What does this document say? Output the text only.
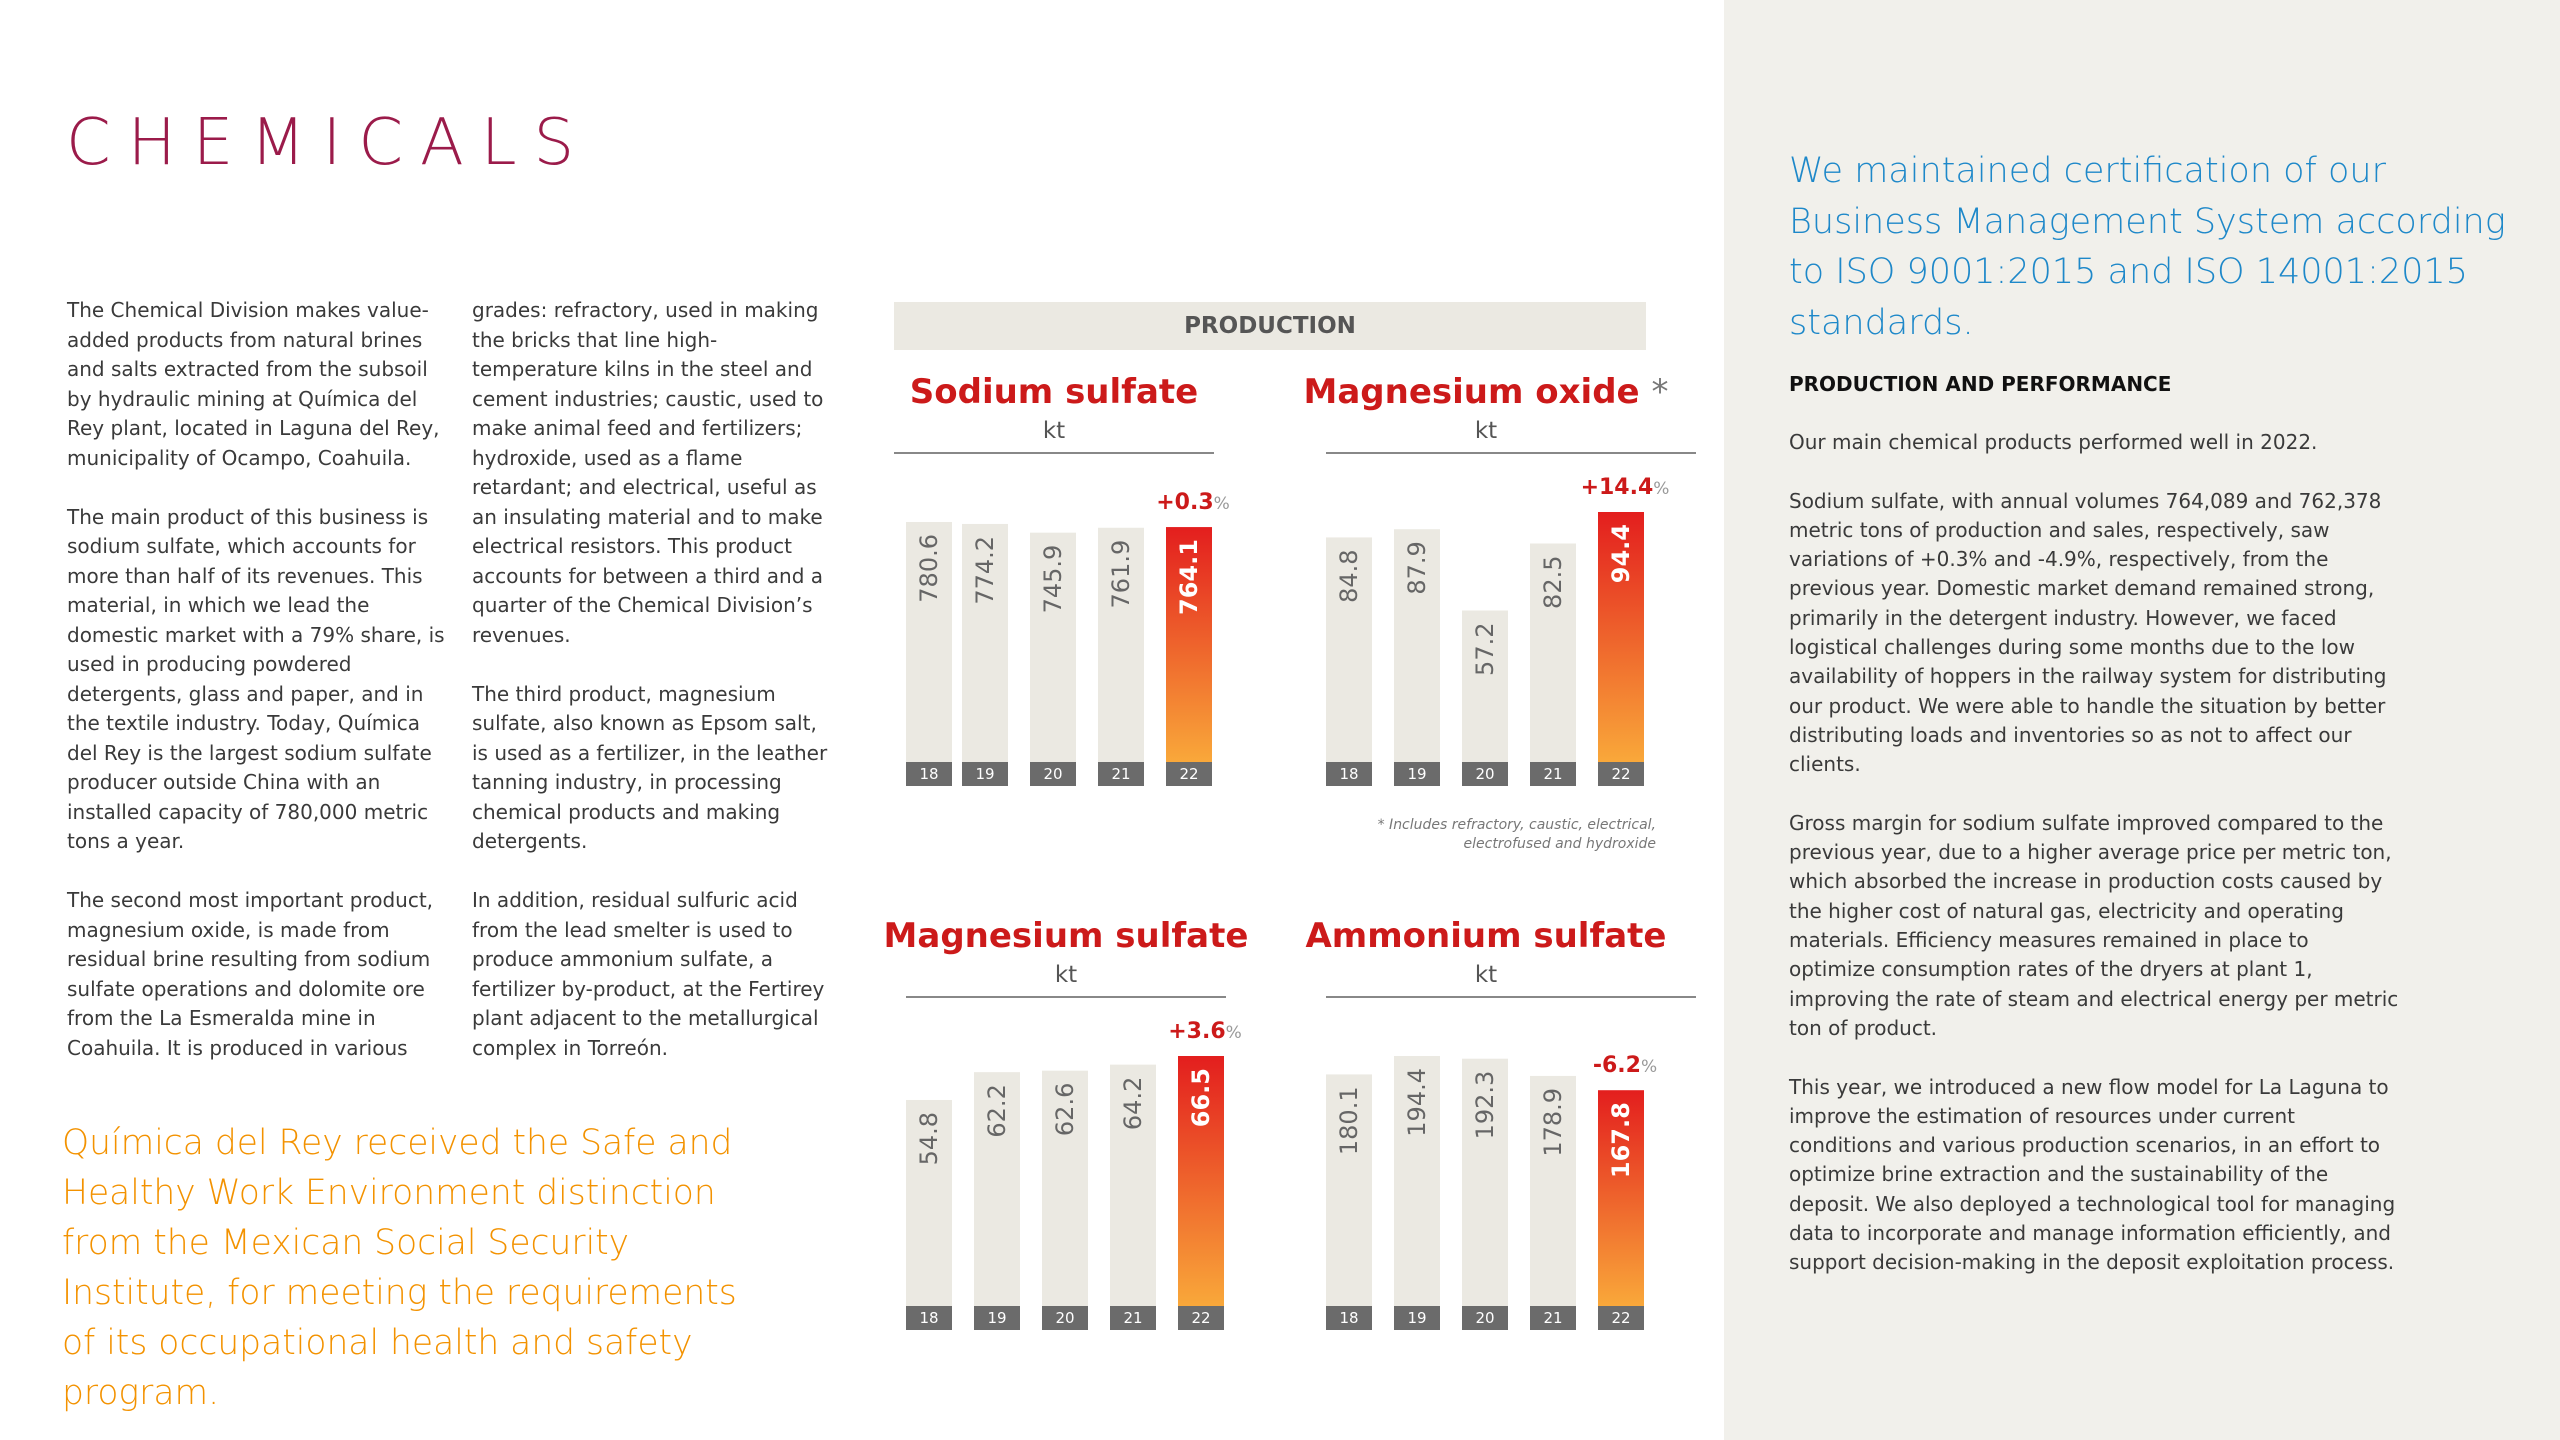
CHEMICALS

The Chemical Division makes value-added products from natural brines and salts extracted from the subsoil by hydraulic mining at Química del Rey plant, located in Laguna del Rey, municipality of Ocampo, Coahuila.

The main product of this business is sodium sulfate, which accounts for more than half of its revenues. This material, in which we lead the domestic market with a 79% share, is used in producing powdered detergents, glass and paper, and in the textile industry. Today, Química del Rey is the largest sodium sulfate producer outside China with an installed capacity of 780,000 metric tons a year.

The second most important product, magnesium oxide, is made from residual brine resulting from sodium sulfate operations and dolomite ore from the La Esmeralda mine in Coahuila. It is produced in various

grades: refractory, used in making the bricks that line high-temperature kilns in the steel and cement industries; caustic, used to make animal feed and fertilizers; hydroxide, used as a flame retardant; and electrical, useful as an insulating material and to make electrical resistors. This product accounts for between a third and a quarter of the Chemical Division’s revenues.

The third product, magnesium sulfate, also known as Epsom salt, is used as a fertilizer, in the leather tanning industry, in processing chemical products and making detergents.

In addition, residual sulfuric acid from the lead smelter is used to produce ammonium sulfate, a fertilizer by-product, at the Fertirey plant adjacent to the metallurgical complex in Torreón.

Química del Rey received the Safe and Healthy Work Environment distinction from the Mexican Social Security Institute, for meeting the requirements of its occupational health and safety program.
PRODUCTION
18
780.6
19
774.2
20
745.9
21
761.9
22
764.1
+0.3%
Sodium sulfate
kt
18
84.8
19
87.9
20
57.2
21
82.5
22
94.4
+14.4%
Magnesium oxide *
kt
* Includes refractory, caustic, electrical, electrofused and hydroxide
18
54.8
19
62.2
20
62.6
21
64.2
22
66.5
+3.6%
Magnesium sulfate
kt
18
180.1
19
194.4
20
192.3
21
178.9
22
167.8
-6.2%
Ammonium sulfate
kt
We maintained certification of our Business Management System according to ISO 9001:2015 and ISO 14001:2015 standards.
PRODUCTION AND PERFORMANCE

Our main chemical products performed well in 2022.

Sodium sulfate, with annual volumes 764,089 and 762,378 metric tons of production and sales, respectively, saw variations of +0.3% and -4.9%, respectively, from the previous year. Domestic market demand remained strong, primarily in the detergent industry. However, we faced logistical challenges during some months due to the low availability of hoppers in the railway system for distributing our product. We were able to handle the situation by better distributing loads and inventories so as not to affect our clients.

Gross margin for sodium sulfate improved compared to the previous year, due to a higher average price per metric ton, which absorbed the increase in production costs caused by the higher cost of natural gas, electricity and operating materials. Efficiency measures remained in place to optimize consumption rates of the dryers at plant 1, improving the rate of steam and electrical energy per metric ton of product.

This year, we introduced a new flow model for La Laguna to improve the estimation of resources under current conditions and various production scenarios, in an effort to optimize brine extraction and the sustainability of the deposit. We also deployed a technological tool for managing data to incorporate and manage information efficiently, and support decision-making in the deposit exploitation process.
